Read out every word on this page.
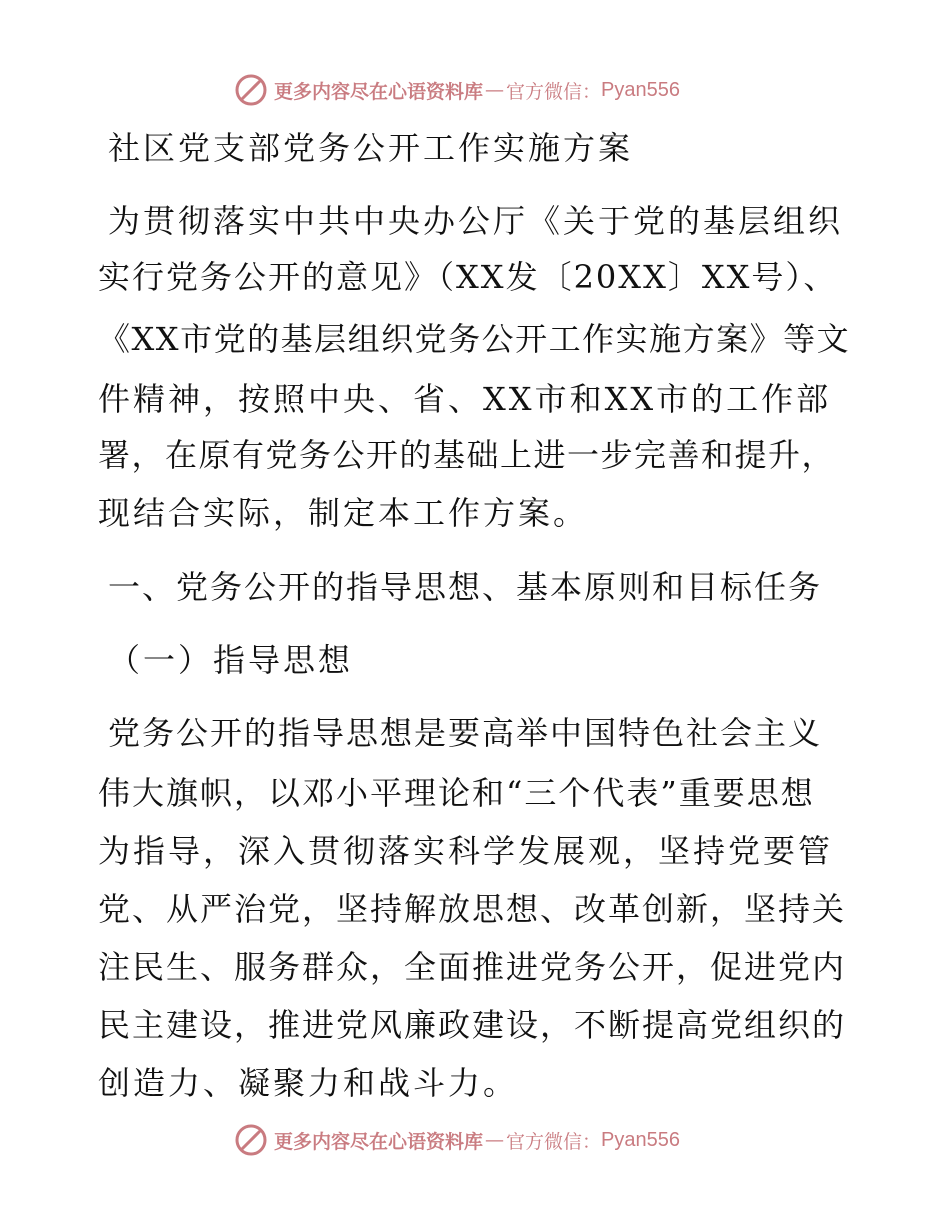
更多内容尽在心语资料库 — 官方微信： Pyan556
社区党支部党务公开工作实施方案
为贯彻落实中共中央办公厅《关于党的基层组织
实行党务公开的意见》（XX发〔20XX〕XX号）、
《XX市党的基层组织党务公开工作实施方案》等文
件精神，按照中央、省、XX市和XX市的工作部
署，在原有党务公开的基础上进一步完善和提升，
现结合实际，制定本工作方案。
一、党务公开的指导思想、基本原则和目标任务
（一）指导思想
党务公开的指导思想是要高举中国特色社会主义
伟大旗帜，以邓小平理论和“三个代表”重要思想
为指导，深入贯彻落实科学发展观，坚持党要管
党、从严治党，坚持解放思想、改革创新，坚持关
注民生、服务群众，全面推进党务公开，促进党内
民主建设，推进党风廉政建设，不断提高党组织的
创造力、凝聚力和战斗力。
更多内容尽在心语资料库 — 官方微信： Pyan556
